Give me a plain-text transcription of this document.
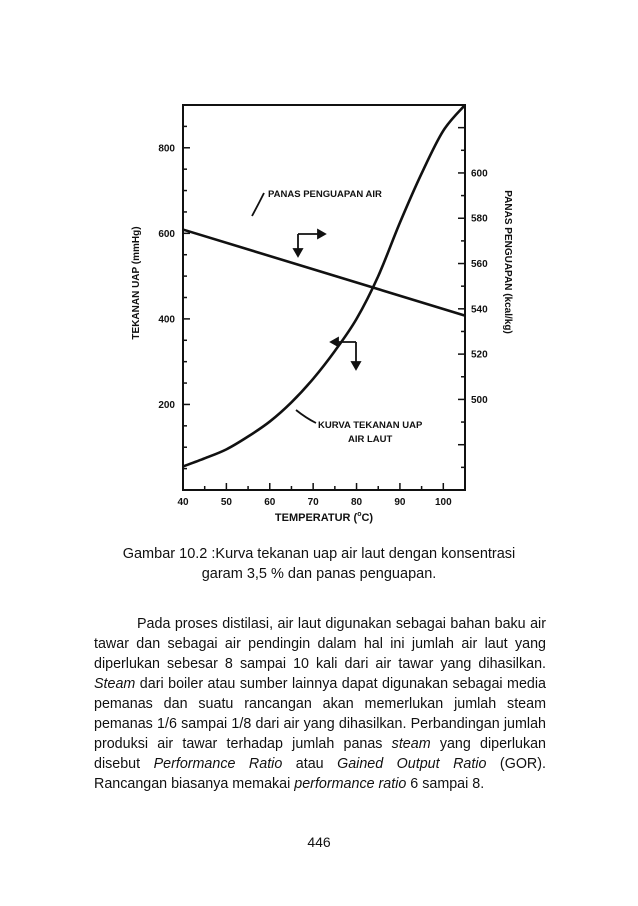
40	50	60	70	80	90	100
200
400
600
800
500
520
540
560
580
600
PANAS PENGUAPAN AIR
KURVA TEKANAN UAP
AIR LAUT
TEMPERATUR ($^o$C)
TEKANAN UAP (mmHg)	PANAS PENGUAPAN (kcal/kg)
Gambar 10.2 :Kurva tekanan uap air laut dengan konsentrasi
garam 3,5 % dan panas penguapan.

Pada proses distilasi, air laut digunakan sebagai bahan baku air tawar dan sebagai air pendingin dalam hal ini jumlah air laut yang diperlukan sebesar 8 sampai 10 kali dari air tawar yang dihasilkan. Steam dari boiler atau sumber lainnya dapat digunakan sebagai media pemanas dan suatu rancangan akan memerlukan jumlah steam pemanas 1/6 sampai 1/8 dari air yang dihasilkan. Perbandingan jumlah produksi air tawar terhadap jumlah panas steam yang diperlukan disebut Performance Ratio atau Gained Output Ratio (GOR). Rancangan biasanya memakai performance ratio 6 sampai 8.

446
